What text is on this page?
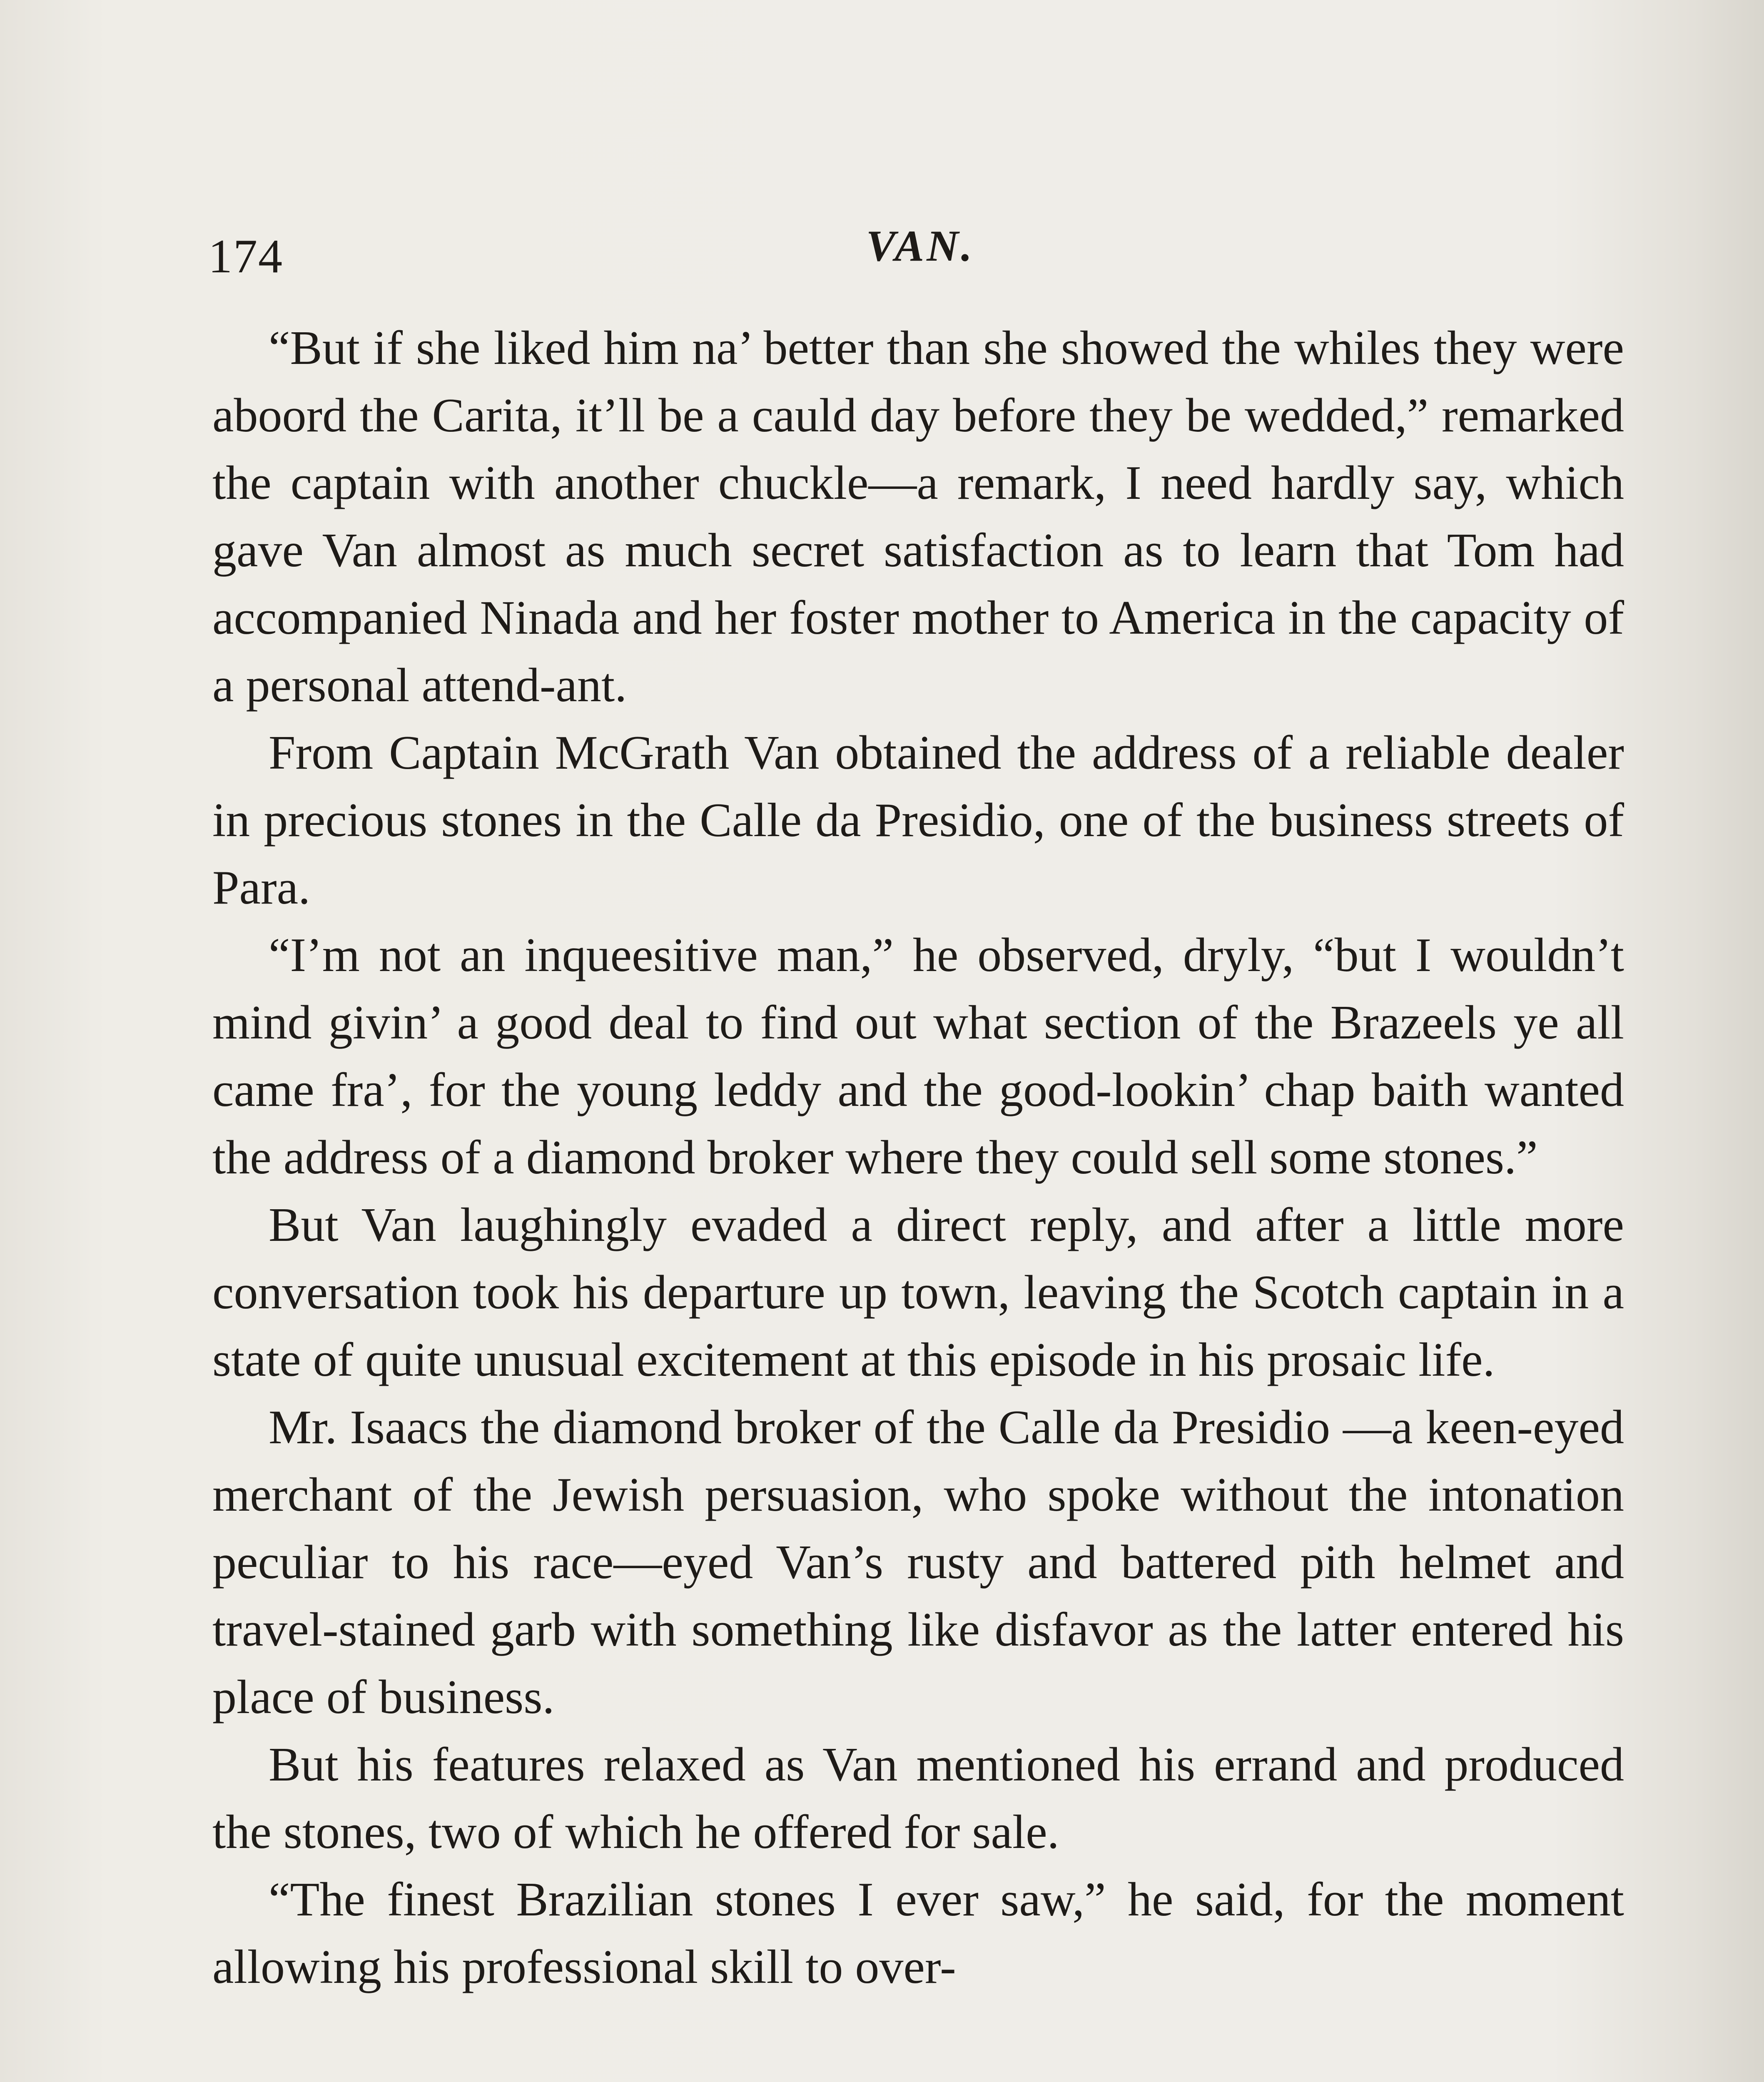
174	VAN.

“But if she liked him na’ better than she showed the whiles they were aboord the Carita, it’ll be a cauld day before they be wedded,” remarked the captain with another chuckle—a remark, I need hardly say, which gave Van almost as much secret satisfaction as to learn that Tom had accompanied Ninada and her foster mother to America in the capacity of a personal attend-ant.

From Captain McGrath Van obtained the address of a reliable dealer in precious stones in the Calle da Presidio, one of the business streets of Para.

“I’m not an inqueesitive man,” he observed, dryly, “but I wouldn’t mind givin’ a good deal to find out what section of the Brazeels ye all came fra’, for the young leddy and the good-lookin’ chap baith wanted the address of a diamond broker where they could sell some stones.”

But Van laughingly evaded a direct reply, and after a little more conversation took his departure up town, leaving the Scotch captain in a state of quite unusual excitement at this episode in his prosaic life.

Mr. Isaacs the diamond broker of the Calle da Presidio —a keen-eyed merchant of the Jewish persuasion, who spoke without the intonation peculiar to his race—eyed Van’s rusty and battered pith helmet and travel-stained garb with something like disfavor as the latter entered his place of business.

But his features relaxed as Van mentioned his errand and produced the stones, two of which he offered for sale.

“The finest Brazilian stones I ever saw,” he said, for the moment allowing his professional skill to over-
